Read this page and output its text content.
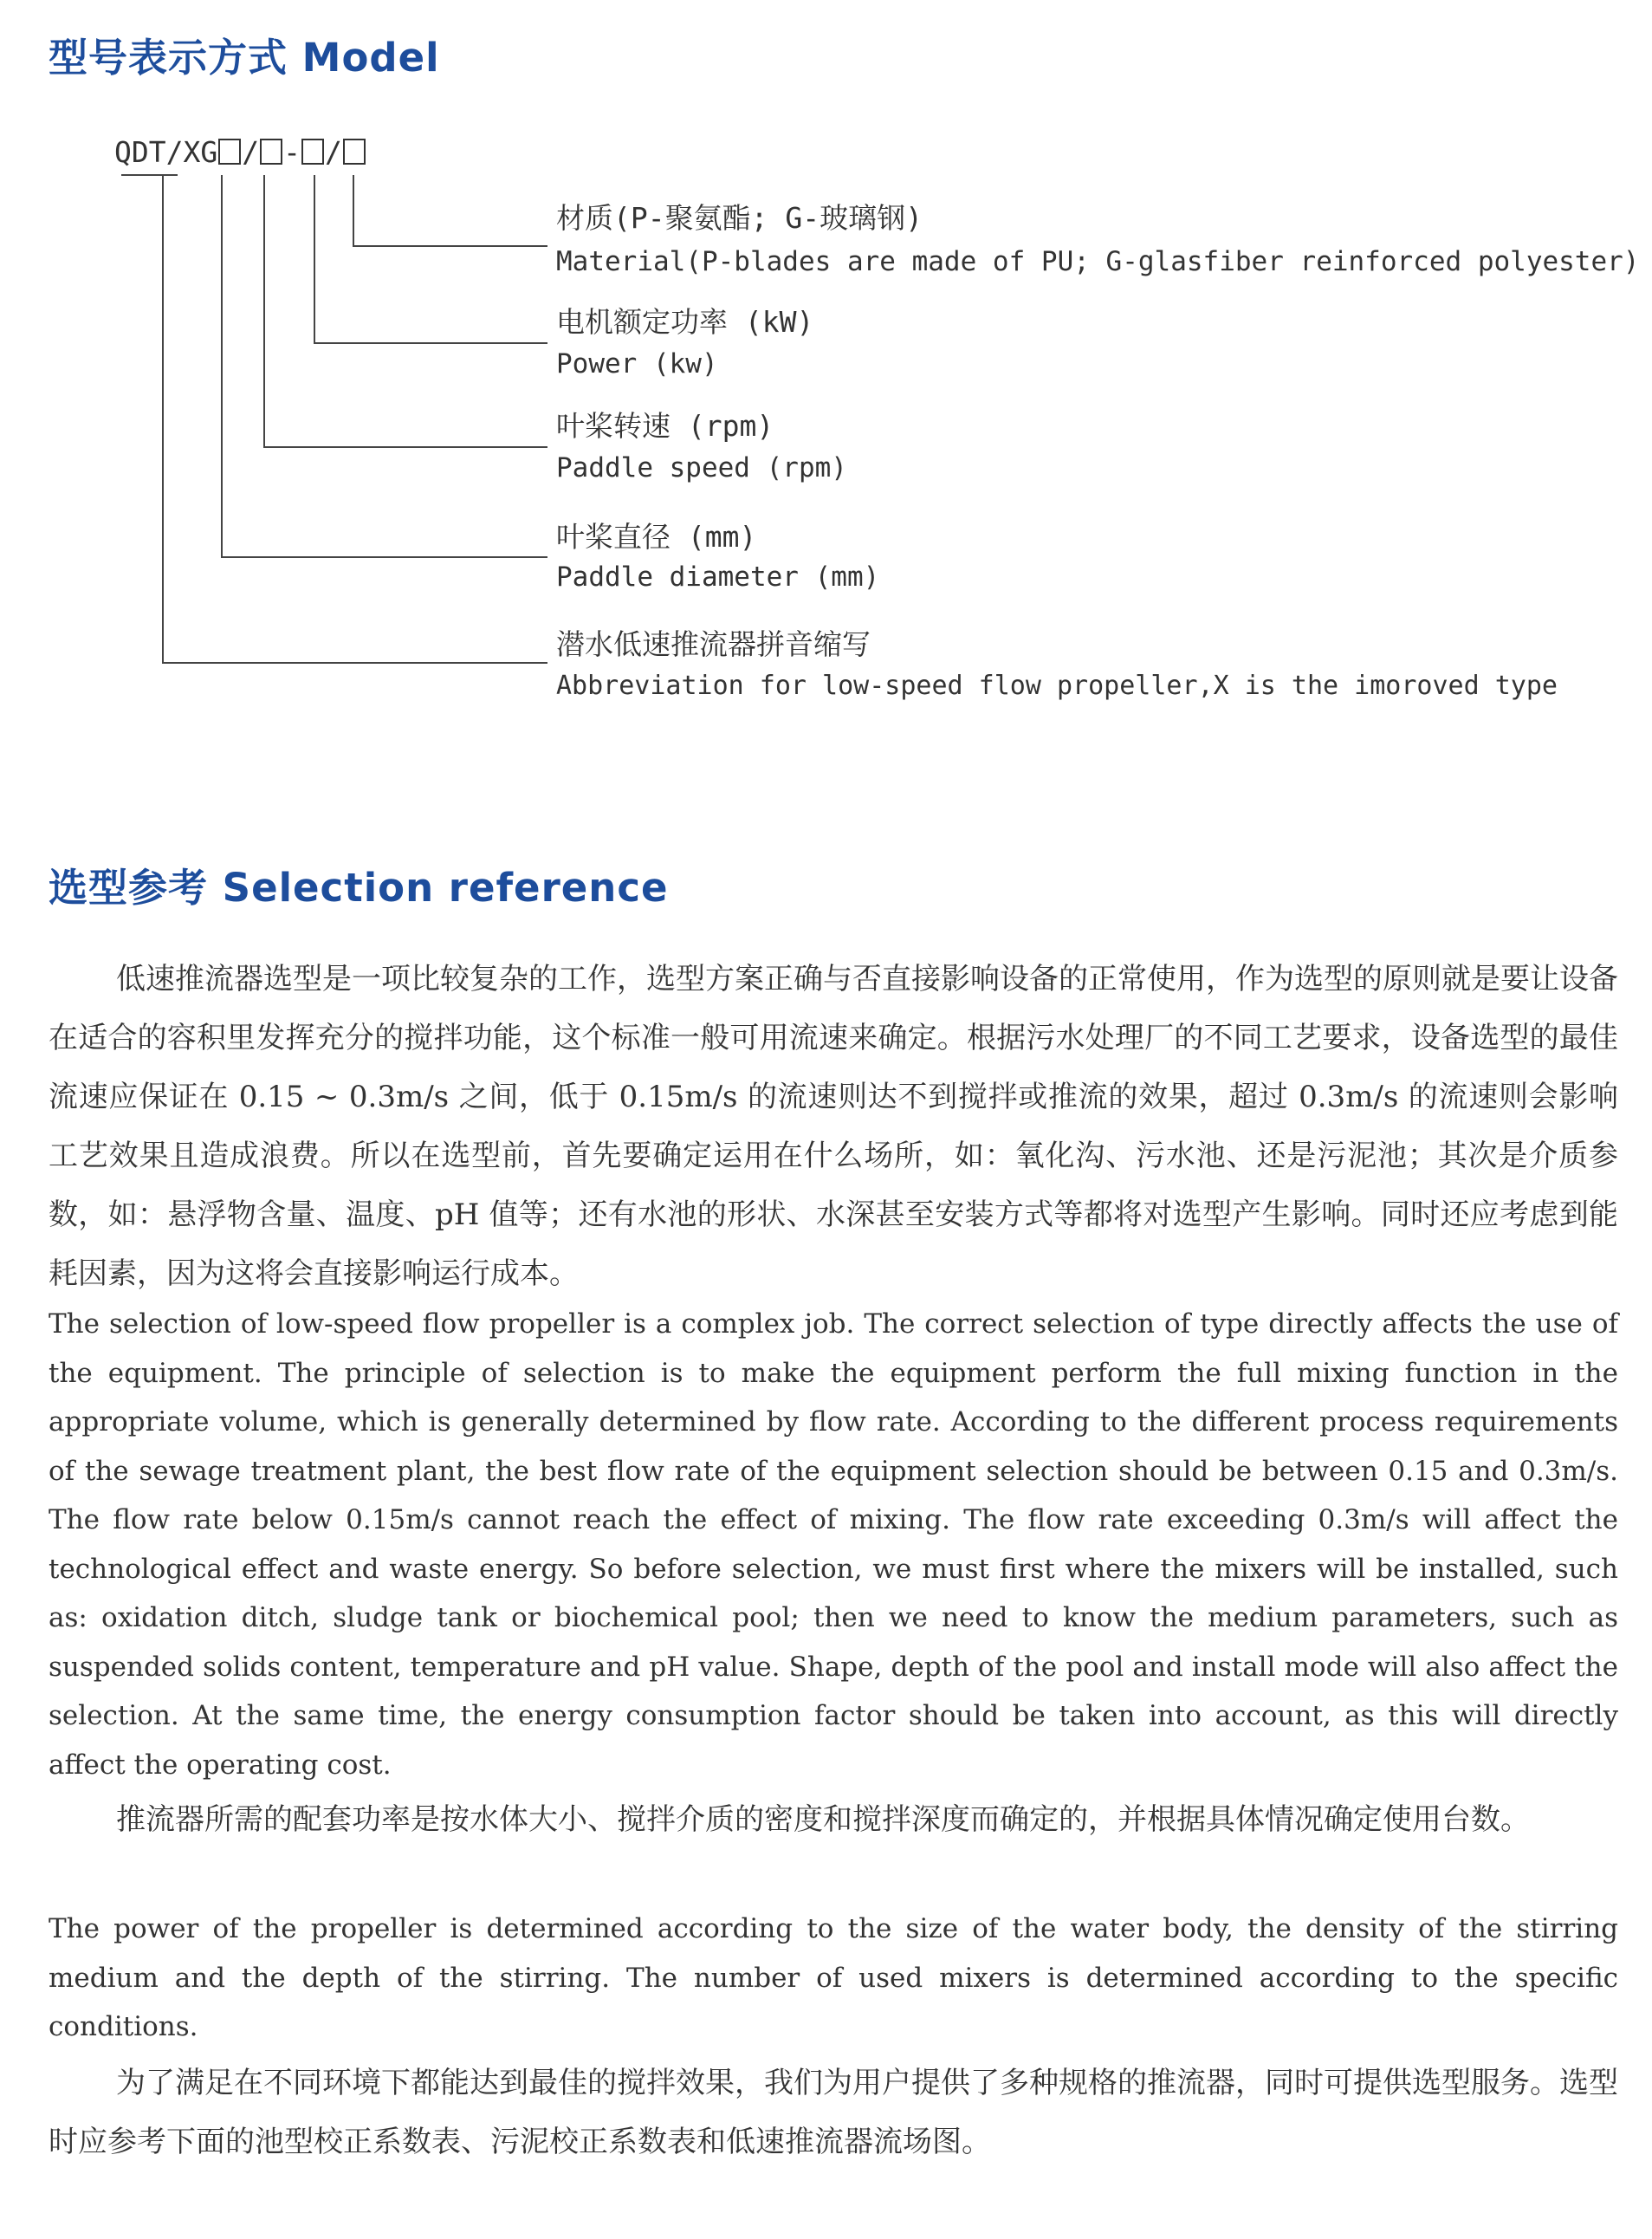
型号表示方式 Model
QDT/XG / - /

材质(P-聚氨酯; G-玻璃钢)

Material(P-blades are made of PU; G-glasfiber reinforced polyester)

电机额定功率 (kW)

Power (kw)

叶桨转速 (rpm)

Paddle speed (rpm)

叶桨直径 (mm)

Paddle diameter (mm)

潜水低速推流器拼音缩写

Abbreviation for low-speed flow propeller,X is the imoroved type

选型参考 Selection reference

低速推流器选型是一项比较复杂的工作，选型方案正确与否直接影响设备的正常使用，作为选型的原则就是要让设备在适合的容积里发挥充分的搅拌功能，这个标准一般可用流速来确定。根据污水处理厂的不同工艺要求，设备选型的最佳流速应保证在 0.15 ~ 0.3m/s 之间，低于 0.15m/s 的流速则达不到搅拌或推流的效果，超过 0.3m/s 的流速则会影响工艺效果且造成浪费。所以在选型前，首先要确定运用在什么场所，如：氧化沟、污水池、还是污泥池；其次是介质参数，如：悬浮物含量、温度、pH 值等；还有水池的形状、水深甚至安装方式等都将对选型产生影响。同时还应考虑到能耗因素，因为这将会直接影响运行成本。

The selection of low-speed flow propeller is a complex job. The correct selection of type directly affects the use of the equipment. The principle of selection is to make the equipment perform the full mixing function in the appropriate volume, which is generally determined by flow rate. According to the different process requirements of the sewage treatment plant, the best flow rate of the equipment selection should be between 0.15 and 0.3m/s. The flow rate below 0.15m/s cannot reach the effect of mixing. The flow rate exceeding 0.3m/s will affect the technological effect and waste energy. So before selection, we must first where the mixers will be installed, such as: oxidation ditch, sludge tank or biochemical pool; then we need to know the medium parameters, such as suspended solids content, temperature and pH value. Shape, depth of the pool and install mode will also affect the selection. At the same time, the energy consumption factor should be taken into account, as this will directly affect the operating cost.

推流器所需的配套功率是按水体大小、搅拌介质的密度和搅拌深度而确定的，并根据具体情况确定使用台数。

The power of the propeller is determined according to the size of the water body, the density of the stirring medium and the depth of the stirring. The number of used mixers is determined according to the specific conditions.

为了满足在不同环境下都能达到最佳的搅拌效果，我们为用户提供了多种规格的推流器，同时可提供选型服务。选型时应参考下面的池型校正系数表、污泥校正系数表和低速推流器流场图。
